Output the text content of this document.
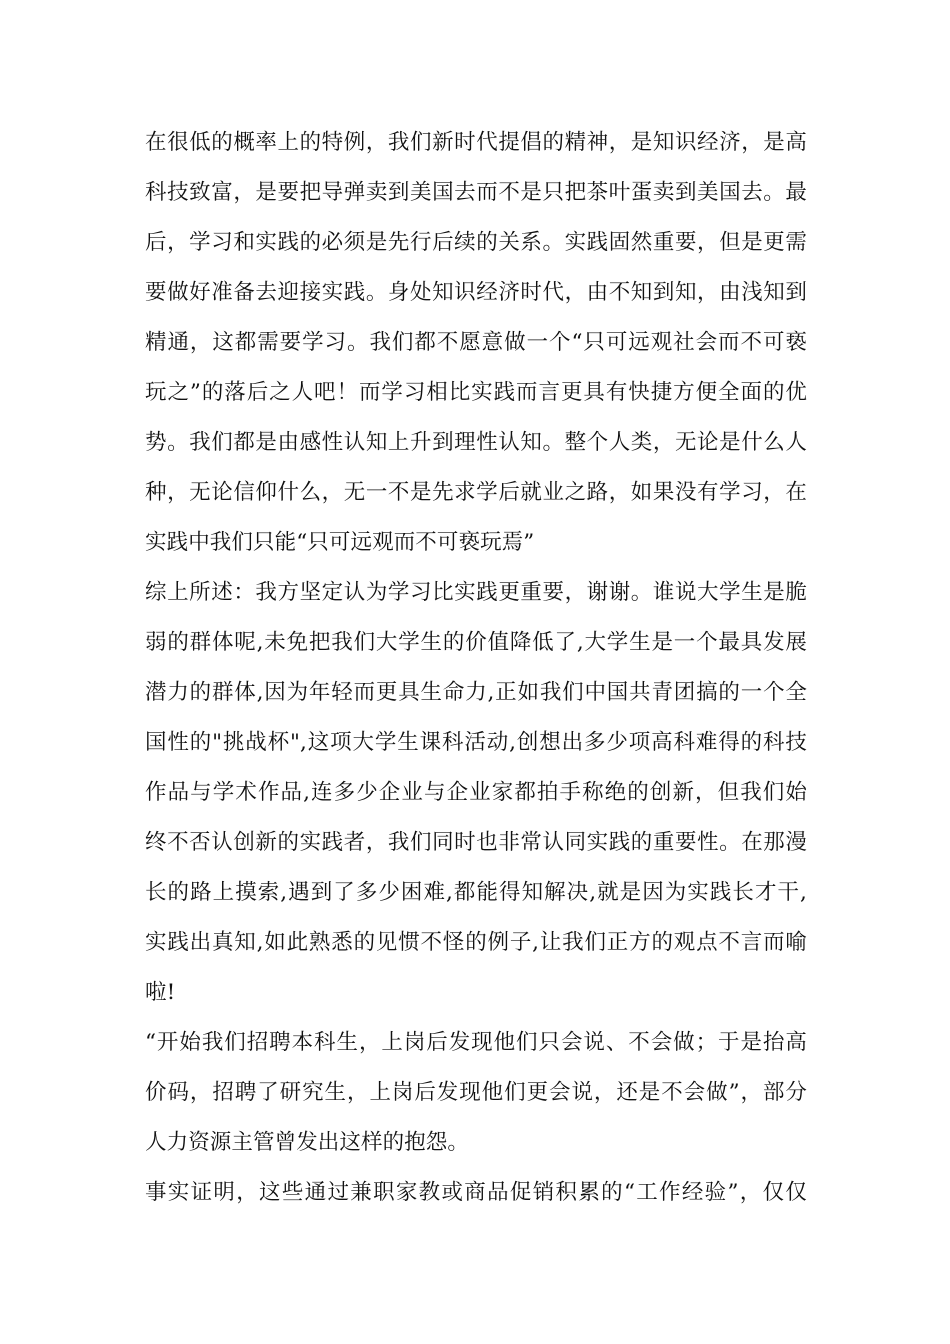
在很低的概率上的特例，我们新时代提倡的精神，是知识经济，是高
科技致富，是要把导弹卖到美国去而不是只把茶叶蛋卖到美国去。最
后，学习和实践的必须是先行后续的关系。实践固然重要，但是更需
要做好准备去迎接实践。身处知识经济时代，由不知到知，由浅知到
精通，这都需要学习。我们都不愿意做一个“只可远观社会而不可亵
玩之”的落后之人吧！而学习相比实践而言更具有快捷方便全面的优
势。我们都是由感性认知上升到理性认知。整个人类，无论是什么人
种，无论信仰什么，无一不是先求学后就业之路，如果没有学习，在
实践中我们只能“只可远观而不可亵玩焉”
综上所述：我方坚定认为学习比实践更重要，谢谢。谁说大学生是脆
弱的群体呢,未免把我们大学生的价值降低了,大学生是一个最具发展
潜力的群体,因为年轻而更具生命力,正如我们中国共青团搞的一个全
国性的"挑战杯",这项大学生课科活动,创想出多少项高科难得的科技
作品与学术作品,连多少企业与企业家都拍手称绝的创新，但我们始
终不否认创新的实践者，我们同时也非常认同实践的重要性。在那漫
长的路上摸索,遇到了多少困难,都能得知解决,就是因为实践长才干,
实践出真知,如此熟悉的见惯不怪的例子,让我们正方的观点不言而喻
啦!
“开始我们招聘本科生，上岗后发现他们只会说、不会做；于是抬高
价码，招聘了研究生，上岗后发现他们更会说，还是不会做”，部分
人力资源主管曾发出这样的抱怨。
事实证明，这些通过兼职家教或商品促销积累的“工作经验”，仅仅
